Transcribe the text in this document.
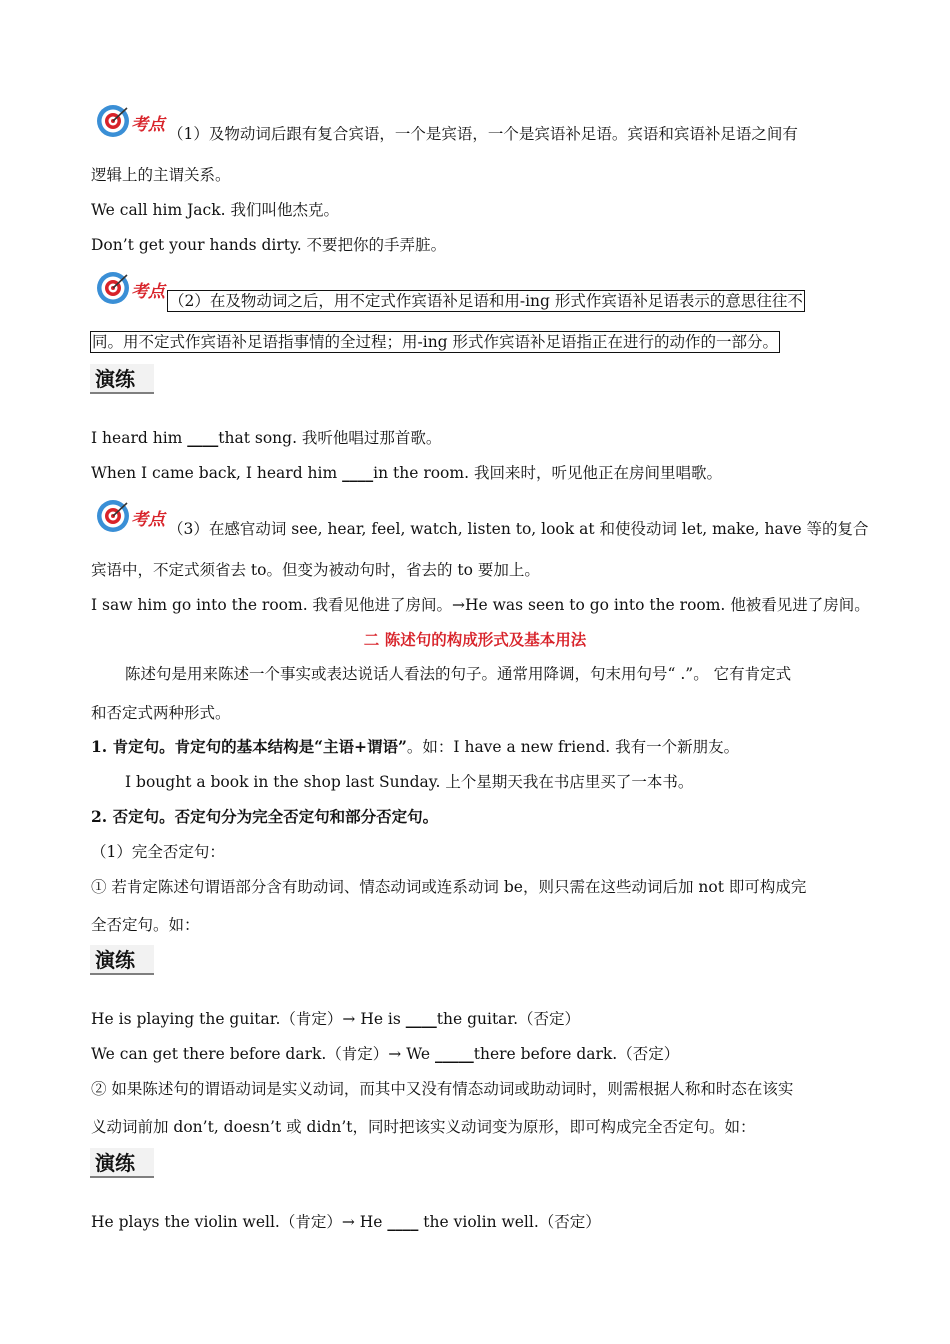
考点 （1）及物动词后跟有复合宾语，一个是宾语，一个是宾语补足语。宾语和宾语补足语之间有
逻辑上的主谓关系。
We call him Jack. 我们叫他杰克。
Don’t get your hands dirty. 不要把你的手弄脏。
考点 （2）在及物动词之后，用不定式作宾语补足语和用-ing 形式作宾语补足语表示的意思往往不
同。用不定式作宾语补足语指事情的全过程；用-ing 形式作宾语补足语指正在进行的动作的一部分。
演练
I heard him ____that song. 我听他唱过那首歌。
When I came back, I heard him ____in the room. 我回来时，听见他正在房间里唱歌。
考点 （3）在感官动词 see, hear, feel, watch, listen to, look at 和使役动词 let, make, have 等的复合
宾语中，不定式须省去 to。但变为被动句时，省去的 to 要加上。
I saw him go into the room. 我看见他进了房间。→He was seen to go into the room. 他被看见进了房间。
二 陈述句的构成形式及基本用法
陈述句是用来陈述一个事实或表达说话人看法的句子。通常用降调，句末用句号“ .”。 它有肯定式
和否定式两种形式。
1. 肯定句。肯定句的基本结构是“主语+谓语”。如：I have a new friend. 我有一个新朋友。
I bought a book in the shop last Sunday. 上个星期天我在书店里买了一本书。
2. 否定句。否定句分为完全否定句和部分否定句。
（1）完全否定句：
① 若肯定陈述句谓语部分含有助动词、情态动词或连系动词 be，则只需在这些动词后加 not 即可构成完
全否定句。如：
演练
He is playing the guitar.（肯定）→ He is ____the guitar.（否定）
We can get there before dark.（肯定）→ We _____there before dark.（否定）
② 如果陈述句的谓语动词是实义动词，而其中又没有情态动词或助动词时，则需根据人称和时态在该实
义动词前加 don’t, doesn’t 或 didn’t，同时把该实义动词变为原形，即可构成完全否定句。如：
演练
He plays the violin well.（肯定）→ He ____ the violin well.（否定）
